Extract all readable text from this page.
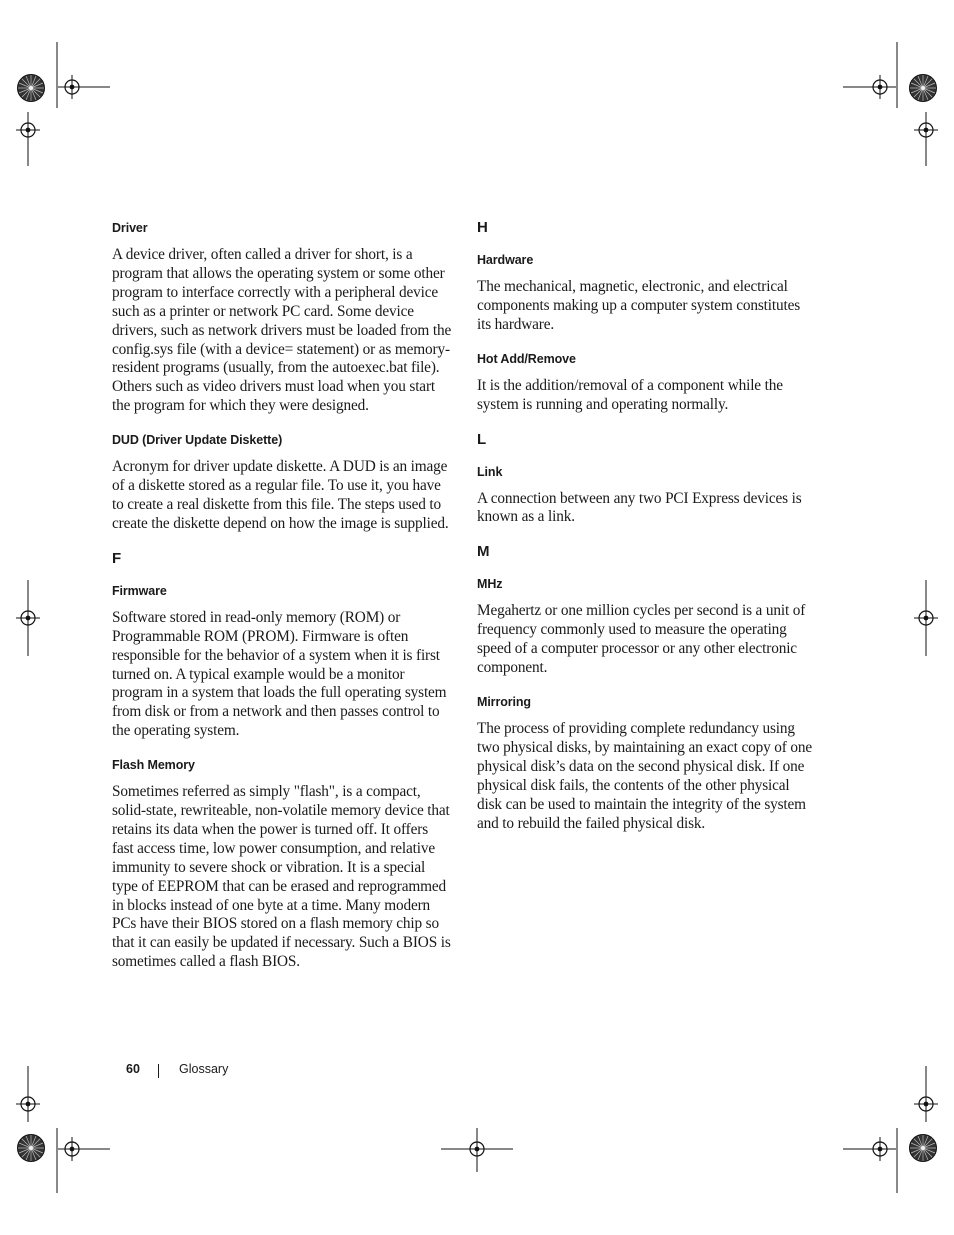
Driver

A device driver, often called a driver for short, is a program that allows the operating system or some other program to interface correctly with a peripheral device such as a printer or network PC card. Some device drivers, such as network drivers must be loaded from the config.sys file (with a device= statement) or as memory-resident programs (usually, from the autoexec.bat file). Others such as video drivers must load when you start the program for which they were designed.

DUD (Driver Update Diskette)

Acronym for driver update diskette. A DUD is an image of a diskette stored as a regular file. To use it, you have to create a real diskette from this file. The steps used to create the diskette depend on how the image is supplied.

F
Firmware

Software stored in read-only memory (ROM) or Programmable ROM (PROM). Firmware is often responsible for the behavior of a system when it is first turned on. A typical example would be a monitor program in a system that loads the full operating system from disk or from a network and then passes control to the operating system.

Flash Memory

Sometimes referred as simply "flash", is a compact, solid-state, rewriteable, non-volatile memory device that retains its data when the power is turned off. It offers fast access time, low power consumption, and relative immunity to severe shock or vibration. It is a special type of EEPROM that can be erased and reprogrammed in blocks instead of one byte at a time. Many modern PCs have their BIOS stored on a flash memory chip so that it can easily be updated if necessary. Such a BIOS is sometimes called a flash BIOS.

H
Hardware

The mechanical, magnetic, electronic, and electrical components making up a computer system constitutes its hardware.

Hot Add/Remove

It is the addition/removal of a component while the system is running and operating normally.

L
Link

A connection between any two PCI Express devices is known as a link.

M
MHz

Megahertz or one million cycles per second is a unit of frequency commonly used to measure the operating speed of a computer processor or any other electronic component.

Mirroring

The process of providing complete redundancy using two physical disks, by maintaining an exact copy of one physical disk’s data on the second physical disk. If one physical disk fails, the contents of the other physical disk can be used to maintain the integrity of the system and to rebuild the failed physical disk.

60	Glossary
